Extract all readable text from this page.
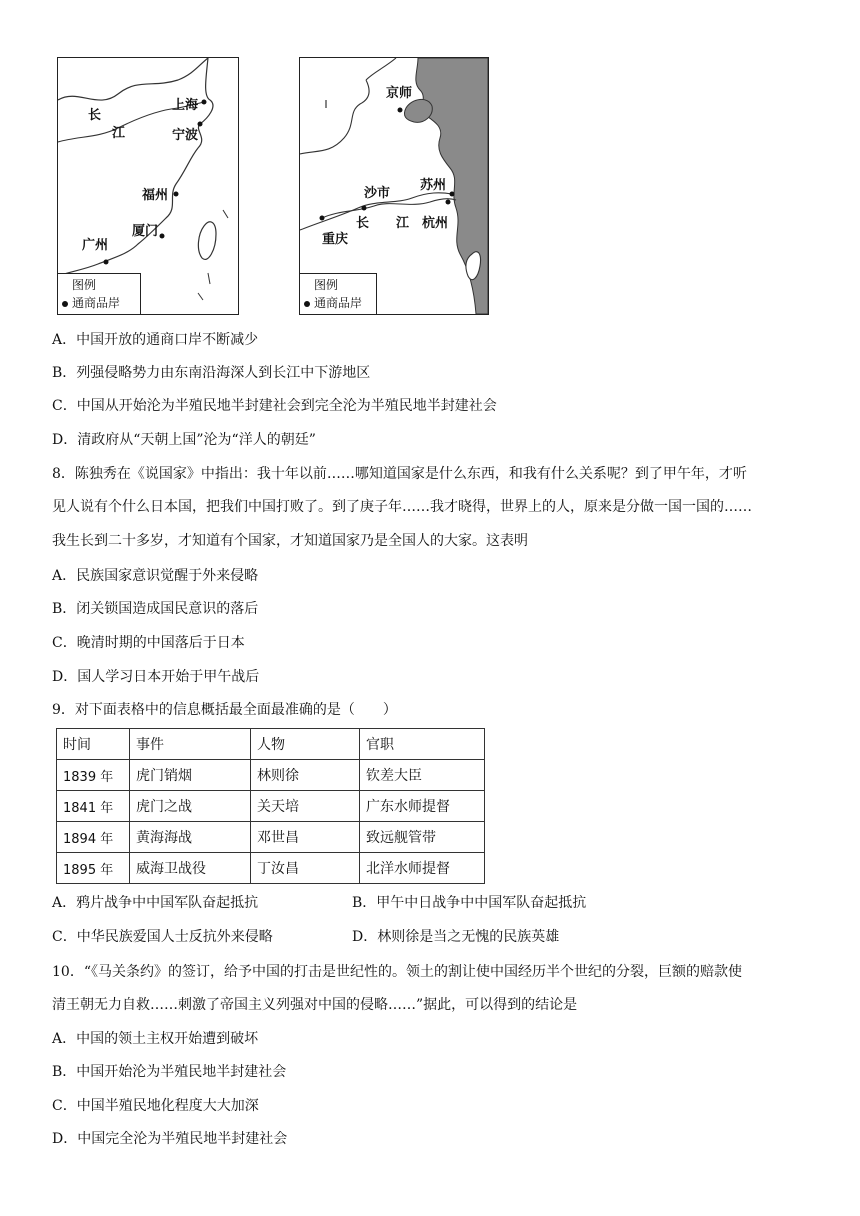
长
江
上海
宁波
福州
厦门
广州
图例
通商品岸
京师
苏州
沙市
长 江 杭州
重庆
图例
通商品岸
A．中国开放的通商口岸不断减少
B．列强侵略势力由东南沿海深人到长江中下游地区
C．中国从开始沦为半殖民地半封建社会到完全沦为半殖民地半封建社会
D．清政府从“天朝上国”沦为“洋人的朝廷”
8．陈独秀在《说国家》中指出：我十年以前……哪知道国家是什么东西，和我有什么关系呢？到了甲午年，才听
见人说有个什么日本国，把我们中国打败了。到了庚子年……我才晓得，世界上的人，原来是分做一国一国的……
我生长到二十多岁，才知道有个国家，才知道国家乃是全国人的大家。这表明
A．民族国家意识觉醒于外来侵略
B．闭关锁国造成国民意识的落后
C．晚清时期的中国落后于日本
D．国人学习日本开始于甲午战后
9．对下面表格中的信息概括最全面最准确的是（　　）
时间	事件	人物	官职
1839 年	虎门销烟	林则徐	钦差大臣
1841 年	虎门之战	关天培	广东水师提督
1894 年	黄海海战	邓世昌	致远舰管带
1895 年	威海卫战役	丁汝昌	北洋水师提督
A．鸦片战争中中国军队奋起抵抗	B．甲午中日战争中中国军队奋起抵抗
C．中华民族爱国人士反抗外来侵略	D．林则徐是当之无愧的民族英雄
10．“《马关条约》的签订，给予中国的打击是世纪性的。领土的割让使中国经历半个世纪的分裂，巨额的赔款使
清王朝无力自救……刺激了帝国主义列强对中国的侵略……”据此，可以得到的结论是
A．中国的领土主权开始遭到破坏
B．中国开始沦为半殖民地半封建社会
C．中国半殖民地化程度大大加深
D．中国完全沦为半殖民地半封建社会
